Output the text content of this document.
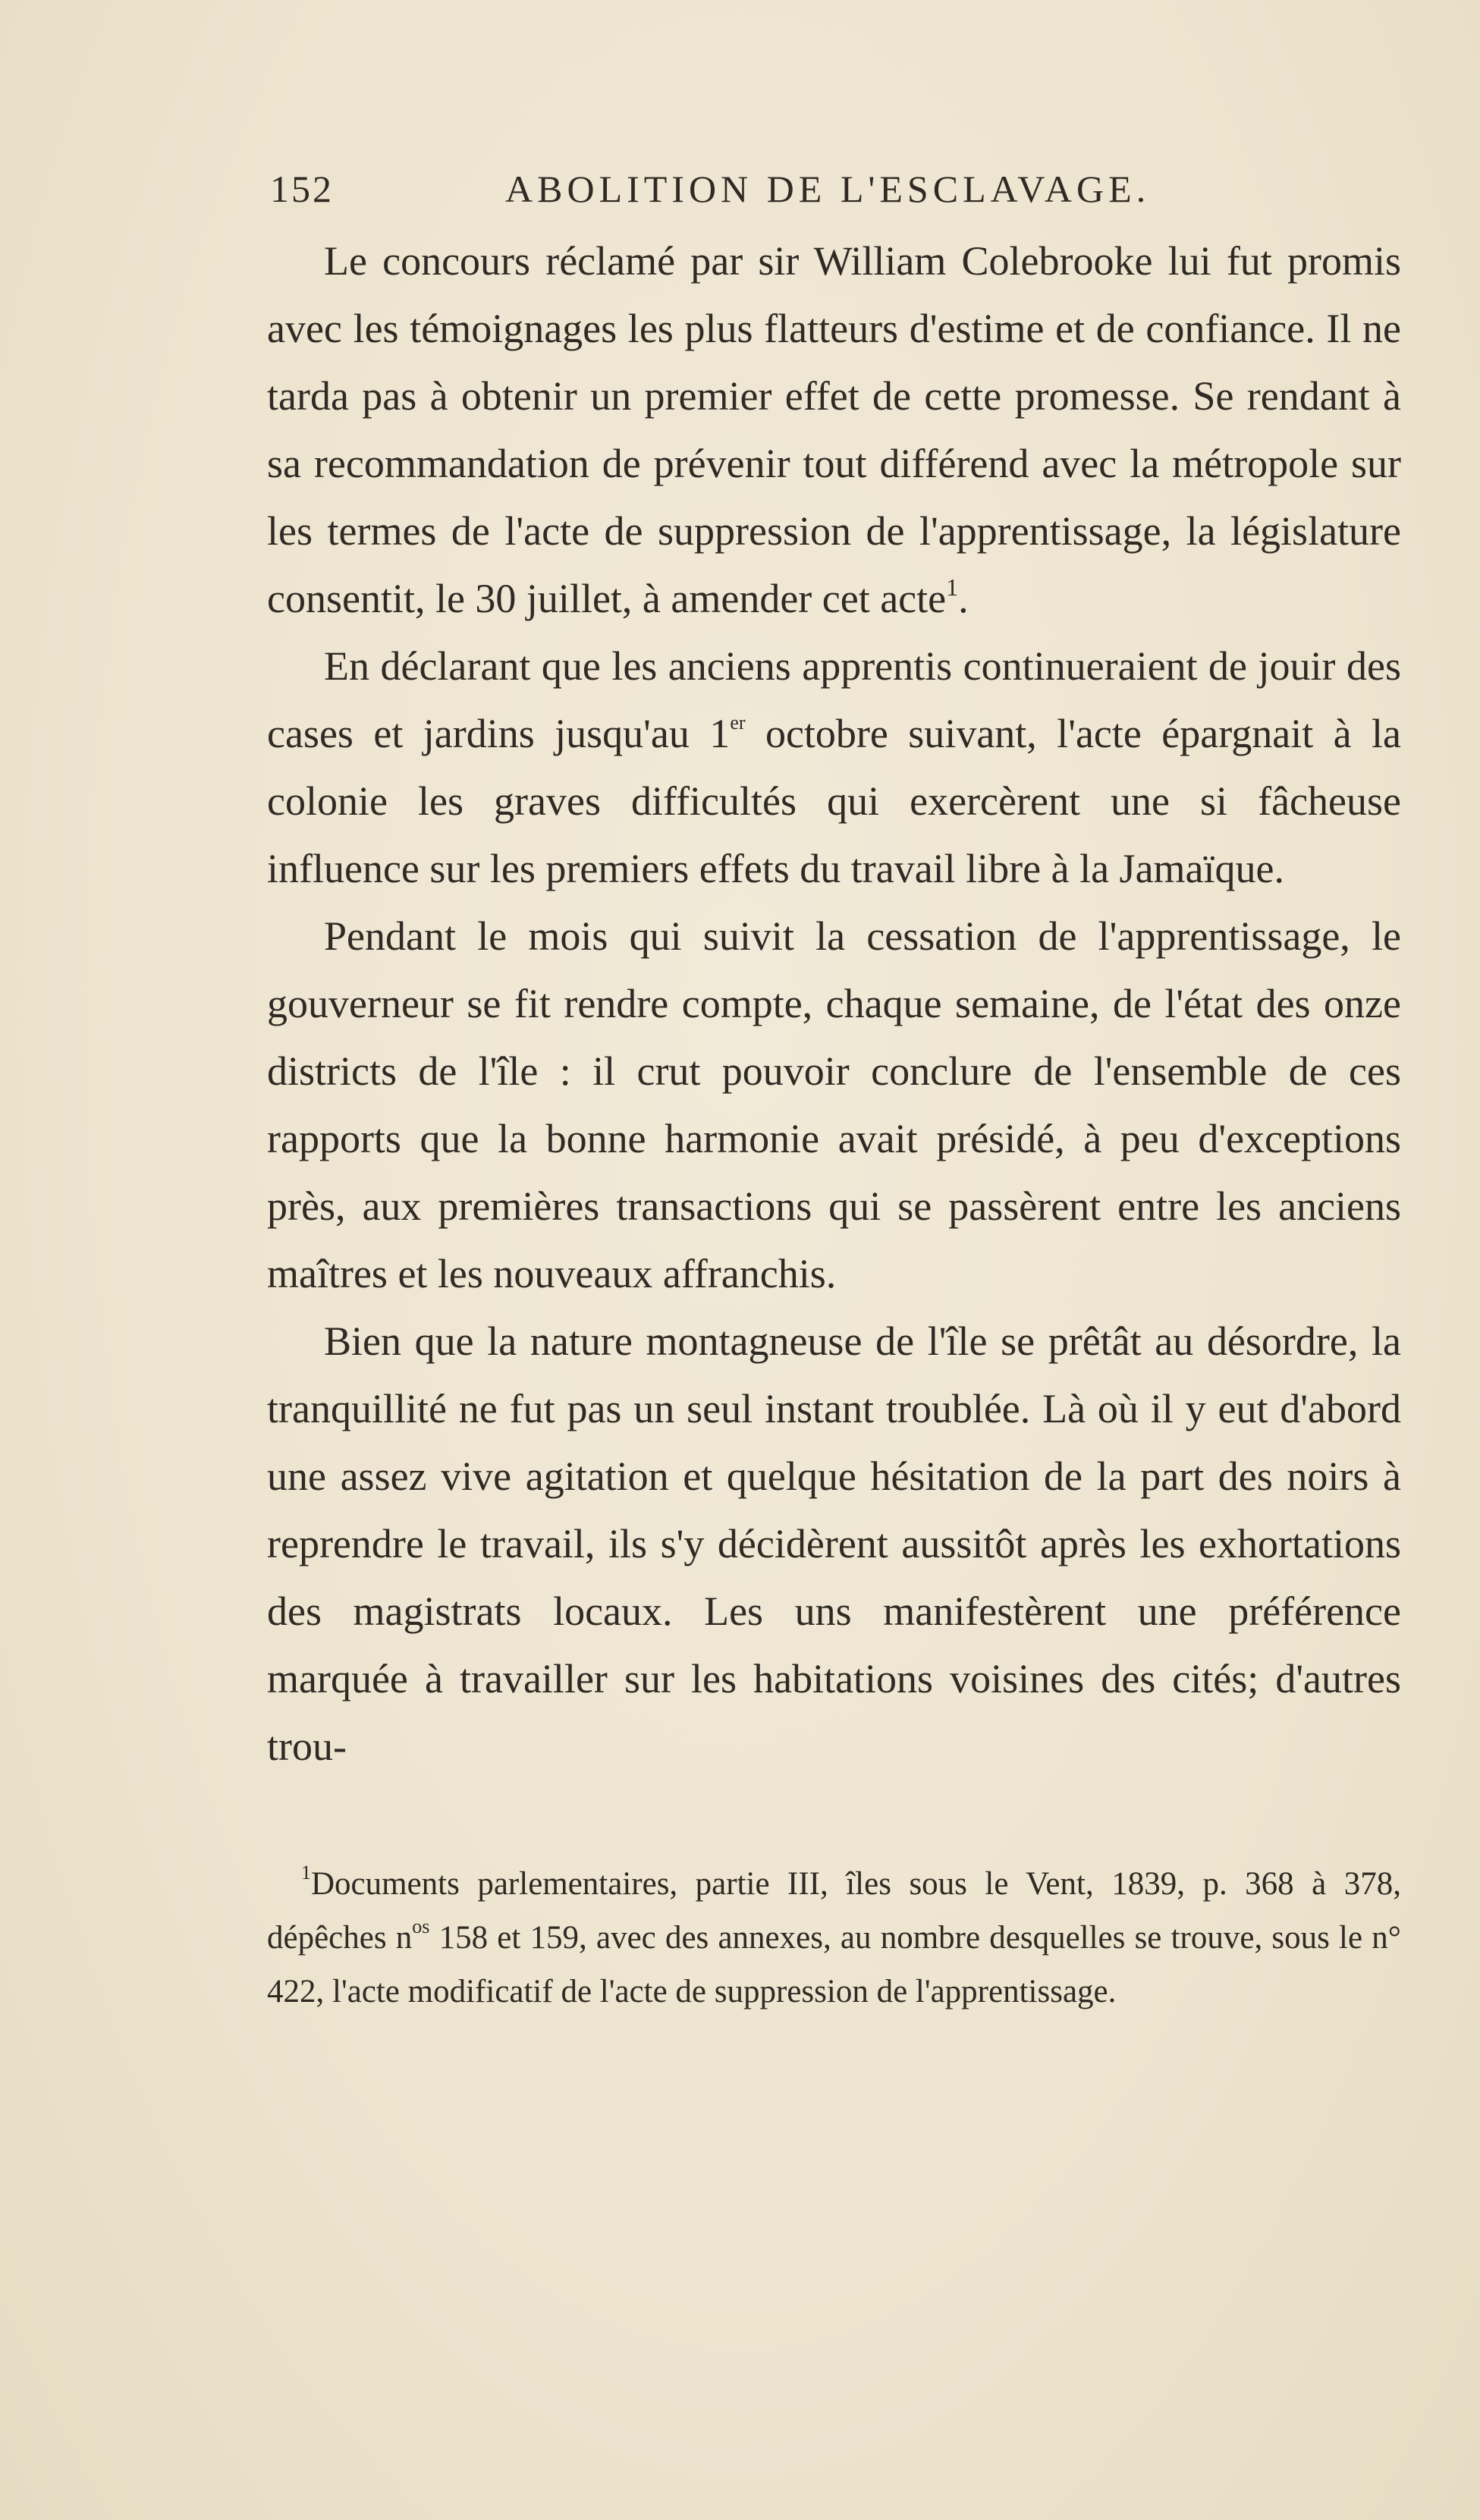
152	ABOLITION DE L'ESCLAVAGE.

Le concours réclamé par sir William Colebrooke lui fut promis avec les témoignages les plus flatteurs d'estime et de confiance. Il ne tarda pas à obtenir un premier effet de cette promesse. Se rendant à sa recommandation de prévenir tout différend avec la métropole sur les termes de l'acte de suppression de l'apprentissage, la législature consentit, le 30 juillet, à amender cet acte$^1$.

En déclarant que les anciens apprentis continueraient de jouir des cases et jardins jusqu'au 1er octobre suivant, l'acte épargnait à la colonie les graves difficultés qui exercèrent une si fâcheuse influence sur les premiers effets du travail libre à la Jamaïque.

Pendant le mois qui suivit la cessation de l'apprentissage, le gouverneur se fit rendre compte, chaque semaine, de l'état des onze districts de l'île : il crut pouvoir conclure de l'ensemble de ces rapports que la bonne harmonie avait présidé, à peu d'exceptions près, aux premières transactions qui se passèrent entre les anciens maîtres et les nouveaux affranchis.

Bien que la nature montagneuse de l'île se prêtât au désordre, la tranquillité ne fut pas un seul instant troublée. Là où il y eut d'abord une assez vive agitation et quelque hésitation de la part des noirs à reprendre le travail, ils s'y décidèrent aussitôt après les exhortations des magistrats locaux. Les uns manifestèrent une préférence marquée à travailler sur les habitations voisines des cités; d'autres trou-

$^1$Documents parlementaires, partie III, îles sous le Vent, 1839, p. 368 à 378, dépêches n$^{os}$ 158 et 159, avec des annexes, au nombre desquelles se trouve, sous le n° 422, l'acte modificatif de l'acte de suppression de l'apprentissage.
